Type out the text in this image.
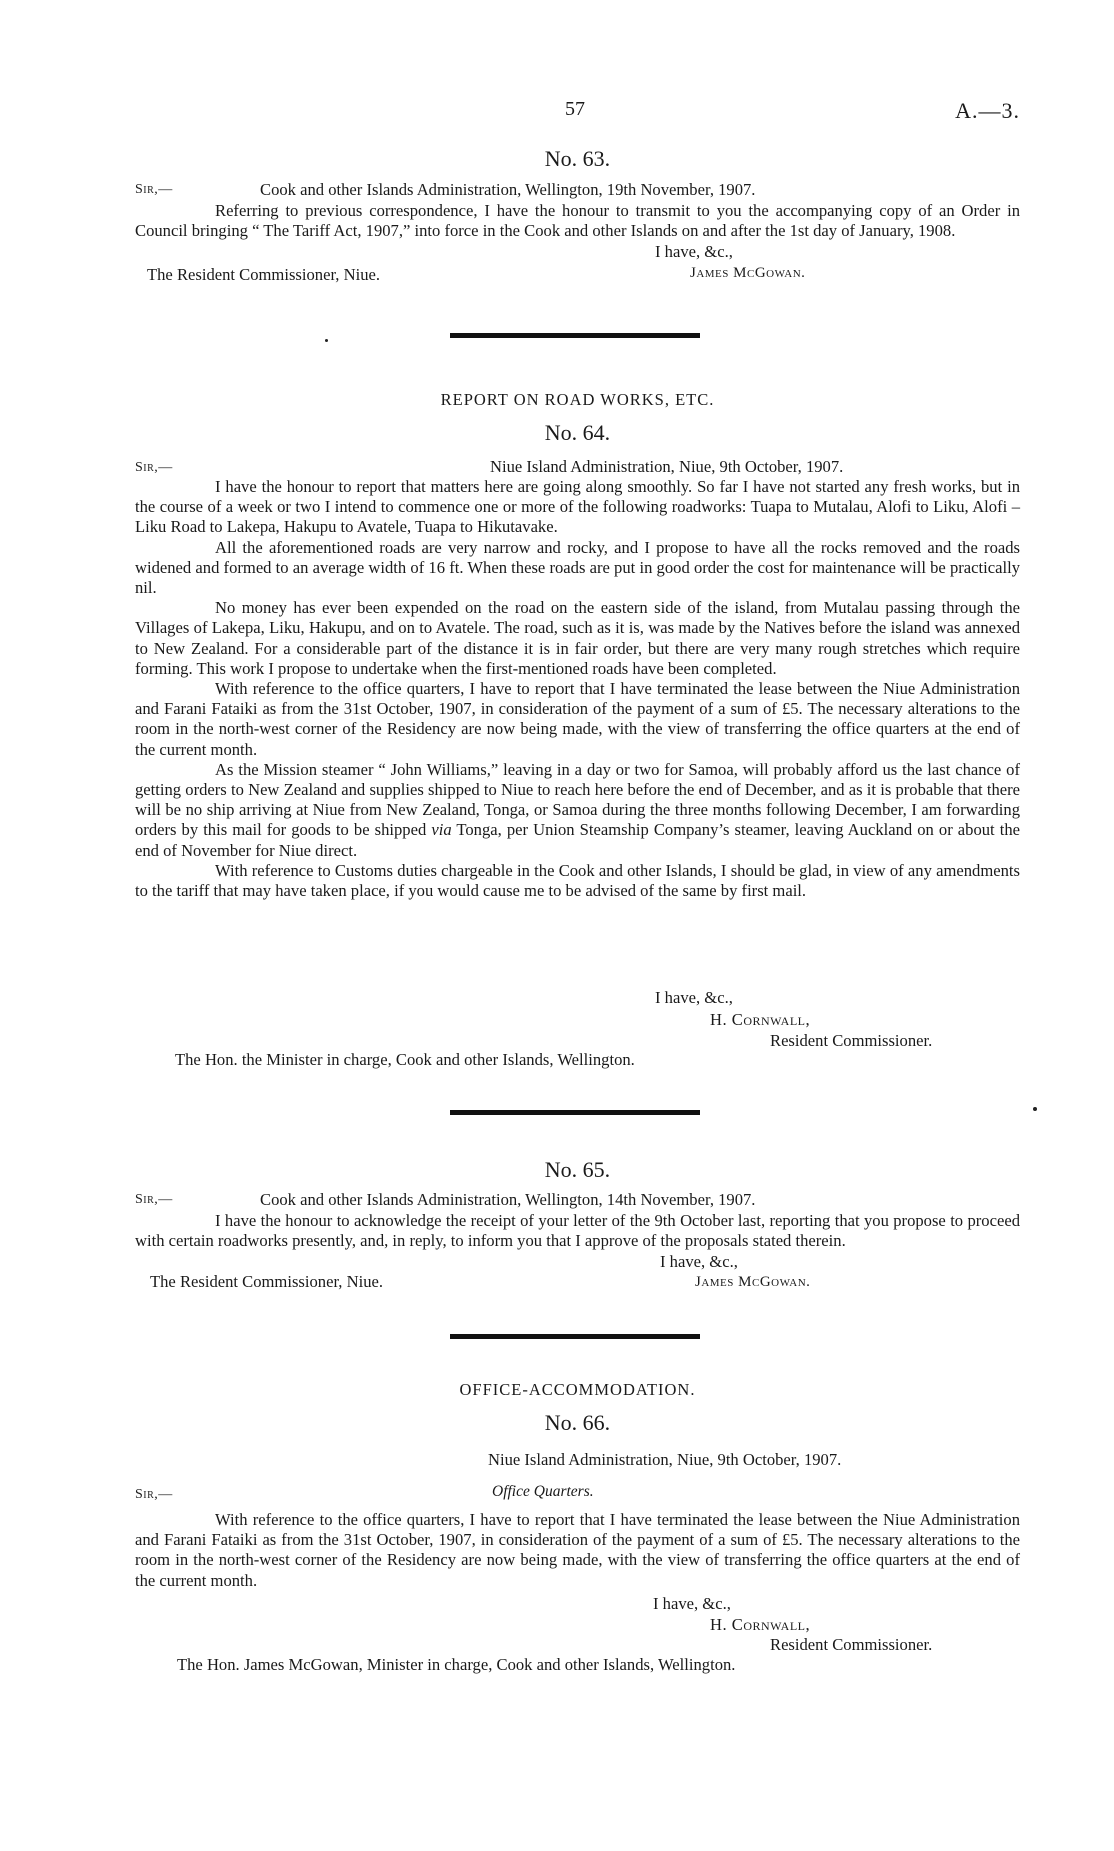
57	A.—3.
No. 63.
Sir,—	Cook and other Islands Administration, Wellington, 19th November, 1907.

Referring to previous correspondence, I have the honour to transmit to you the accompanying copy of an Order in Council bringing “ The Tariff Act, 1907,” into force in the Cook and other Islands on and after the 1st day of January, 1908.

I have, &c.,
The Resident Commissioner, Niue.	James McGowan.
REPORT ON ROAD WORKS, ETC.
No. 64.
Sir,—	Niue Island Administration, Niue, 9th October, 1907.

I have the honour to report that matters here are going along smoothly. So far I have not started any fresh works, but in the course of a week or two I intend to commence one or more of the following roadworks: Tuapa to Mutalau, Alofi to Liku, Alofi – Liku Road to Lakepa, Hakupu to Avatele, Tuapa to Hikutavake.

All the aforementioned roads are very narrow and rocky, and I propose to have all the rocks removed and the roads widened and formed to an average width of 16 ft. When these roads are put in good order the cost for maintenance will be practically nil.

No money has ever been expended on the road on the eastern side of the island, from Mutalau passing through the Villages of Lakepa, Liku, Hakupu, and on to Avatele. The road, such as it is, was made by the Natives before the island was annexed to New Zealand. For a considerable part of the distance it is in fair order, but there are very many rough stretches which require forming. This work I propose to undertake when the first-mentioned roads have been completed.

With reference to the office quarters, I have to report that I have terminated the lease between the Niue Administration and Farani Fataiki as from the 31st October, 1907, in consideration of the payment of a sum of £5. The necessary alterations to the room in the north-west corner of the Residency are now being made, with the view of transferring the office quarters at the end of the current month.

As the Mission steamer “ John Williams,” leaving in a day or two for Samoa, will probably afford us the last chance of getting orders to New Zealand and supplies shipped to Niue to reach here before the end of December, and as it is probable that there will be no ship arriving at Niue from New Zealand, Tonga, or Samoa during the three months following December, I am forwarding orders by this mail for goods to be shipped via Tonga, per Union Steamship Company’s steamer, leaving Auckland on or about the end of November for Niue direct.

With reference to Customs duties chargeable in the Cook and other Islands, I should be glad, in view of any amendments to the tariff that may have taken place, if you would cause me to be advised of the same by first mail.

I have, &c.,
H. Cornwall,
Resident Commissioner.
The Hon. the Minister in charge, Cook and other Islands, Wellington.
No. 65.
Sir,—	Cook and other Islands Administration, Wellington, 14th November, 1907.

I have the honour to acknowledge the receipt of your letter of the 9th October last, reporting that you propose to proceed with certain roadworks presently, and, in reply, to inform you that I approve of the proposals stated therein.

I have, &c.,
The Resident Commissioner, Niue.	James McGowan.
OFFICE-ACCOMMODATION.
No. 66.
Niue Island Administration, Niue, 9th October, 1907.
Sir,—	Office Quarters.

With reference to the office quarters, I have to report that I have terminated the lease between the Niue Administration and Farani Fataiki as from the 31st October, 1907, in consideration of the payment of a sum of £5. The necessary alterations to the room in the north-west corner of the Residency are now being made, with the view of transferring the office quarters at the end of the current month.

I have, &c.,
H. Cornwall,
Resident Commissioner.
The Hon. James McGowan, Minister in charge, Cook and other Islands, Wellington.
